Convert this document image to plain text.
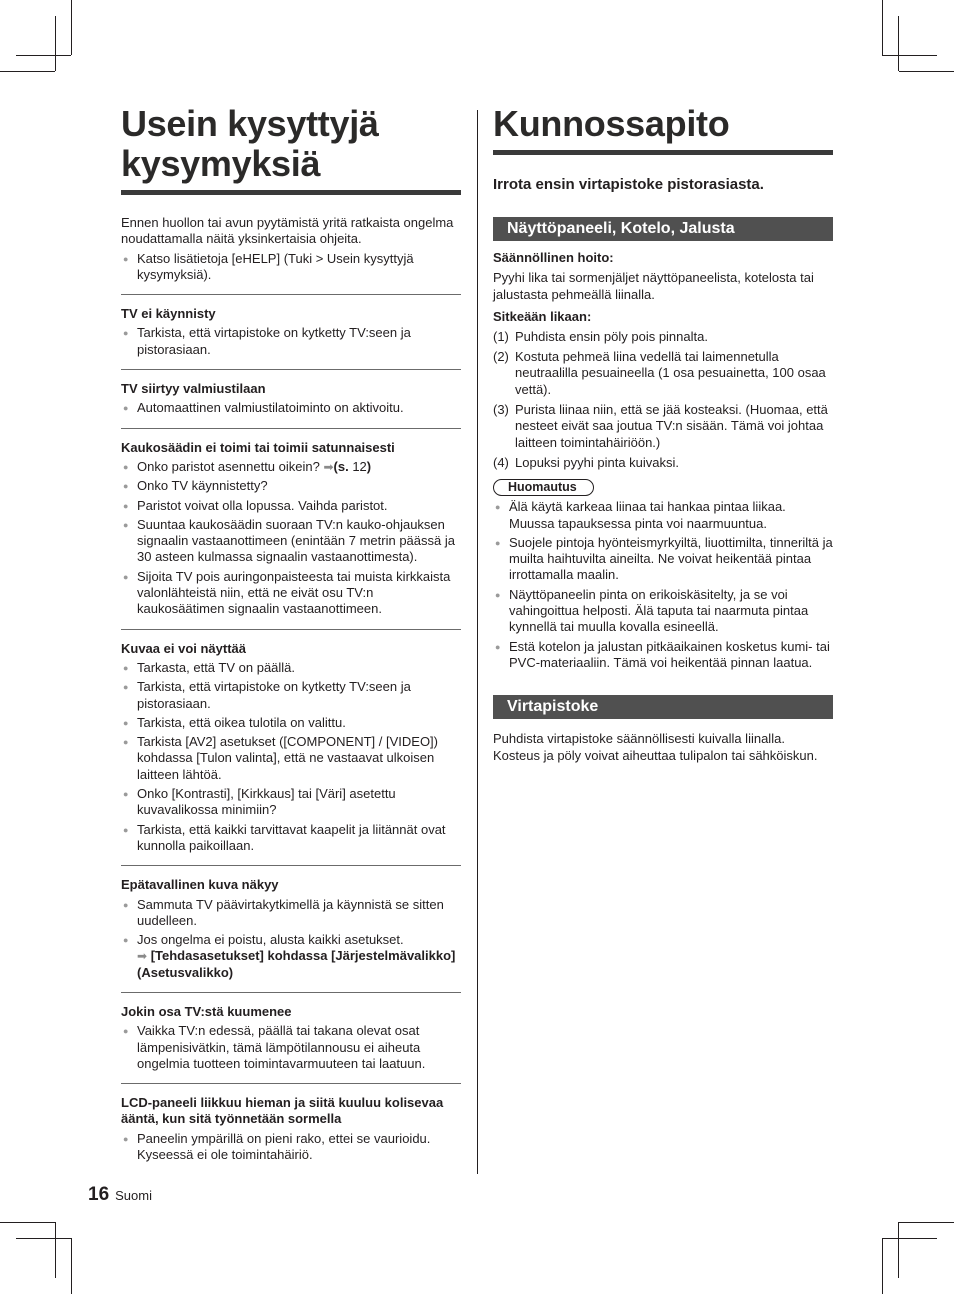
Usein kysyttyjä kysymyksiä

Ennen huollon tai avun pyytämistä yritä ratkaista ongelma noudattamalla näitä yksinkertaisia ohjeita.

● Katso lisätietoja [eHELP] (Tuki > Usein kysyttyjä kysymyksiä).
TV ei käynnisty
● Tarkista, että virtapistoke on kytketty TV:seen ja pistorasiaan.
TV siirtyy valmiustilaan
● Automaattinen valmiustilatoiminto on aktivoitu.
Kaukosäädin ei toimi tai toimii satunnaisesti
● Onko paristot asennettu oikein? ➡(s. 12)
● Onko TV käynnistetty?
● Paristot voivat olla lopussa. Vaihda paristot.
● Suuntaa kaukosäädin suoraan TV:n kauko-ohjauksen signaalin vastaanottimeen (enintään 7 metrin päässä ja 30 asteen kulmassa signaalin vastaanottimesta).
● Sijoita TV pois auringonpaisteesta tai muista kirkkaista valonlähteistä niin, että ne eivät osu TV:n kaukosäätimen signaalin vastaanottimeen.
Kuvaa ei voi näyttää
● Tarkasta, että TV on päällä.
● Tarkista, että virtapistoke on kytketty TV:seen ja pistorasiaan.
● Tarkista, että oikea tulotila on valittu.
● Tarkista [AV2] asetukset ([COMPONENT] / [VIDEO]) kohdassa [Tulon valinta], että ne vastaavat ulkoisen laitteen lähtöä.
● Onko [Kontrasti], [Kirkkaus] tai [Väri] asetettu kuvavalikossa minimiin?
● Tarkista, että kaikki tarvittavat kaapelit ja liitännät ovat kunnolla paikoillaan.
Epätavallinen kuva näkyy
● Sammuta TV päävirtakytkimellä ja käynnistä se sitten uudelleen.
● Jos ongelma ei poistu, alusta kaikki asetukset.
➡ [Tehdasasetukset] kohdassa [Järjestelmävalikko] (Asetusvalikko)
Jokin osa TV:stä kuumenee
● Vaikka TV:n edessä, päällä tai takana olevat osat lämpenisivätkin, tämä lämpötilannousu ei aiheuta ongelmia tuotteen toimintavarmuuteen tai laatuun.
LCD-paneeli liikkuu hieman ja siitä kuuluu kolisevaa ääntä, kun sitä työnnetään sormella
● Paneelin ympärillä on pieni rako, ettei se vaurioidu. Kyseessä ei ole toimintahäiriö.
Kunnossapito

Irrota ensin virtapistoke pistorasiasta.

Näyttöpaneeli, Kotelo, Jalusta

Säännöllinen hoito:

Pyyhi lika tai sormenjäljet näyttöpaneelista, kotelosta tai jalustasta pehmeällä liinalla.

Sitkeään likaan:

(1) Puhdista ensin pöly pois pinnalta.
(2) Kostuta pehmeä liina vedellä tai laimennetulla neutraalilla pesuaineella (1 osa pesuainetta, 100 osaa vettä).
(3) Purista liinaa niin, että se jää kosteaksi. (Huomaa, että nesteet eivät saa joutua TV:n sisään. Tämä voi johtaa laitteen toimintahäiriöön.)
(4) Lopuksi pyyhi pinta kuivaksi.
Huomautus
● Älä käytä karkeaa liinaa tai hankaa pintaa liikaa. Muussa tapauksessa pinta voi naarmuuntua.
● Suojele pintoja hyönteismyrkyiltä, liuottimilta, tinneriltä ja muilta haihtuvilta aineilta. Ne voivat heikentää pintaa irrottamalla maalin.
● Näyttöpaneelin pinta on erikoiskäsitelty, ja se voi vahingoittua helposti. Älä taputa tai naarmuta pintaa kynnellä tai muulla kovalla esineellä.
● Estä kotelon ja jalustan pitkäaikainen kosketus kumi- tai PVC-materiaaliin. Tämä voi heikentää pinnan laatua.
Virtapistoke

Puhdista virtapistoke säännöllisesti kuivalla liinalla. Kosteus ja pöly voivat aiheuttaa tulipalon tai sähköiskun.

16 Suomi
